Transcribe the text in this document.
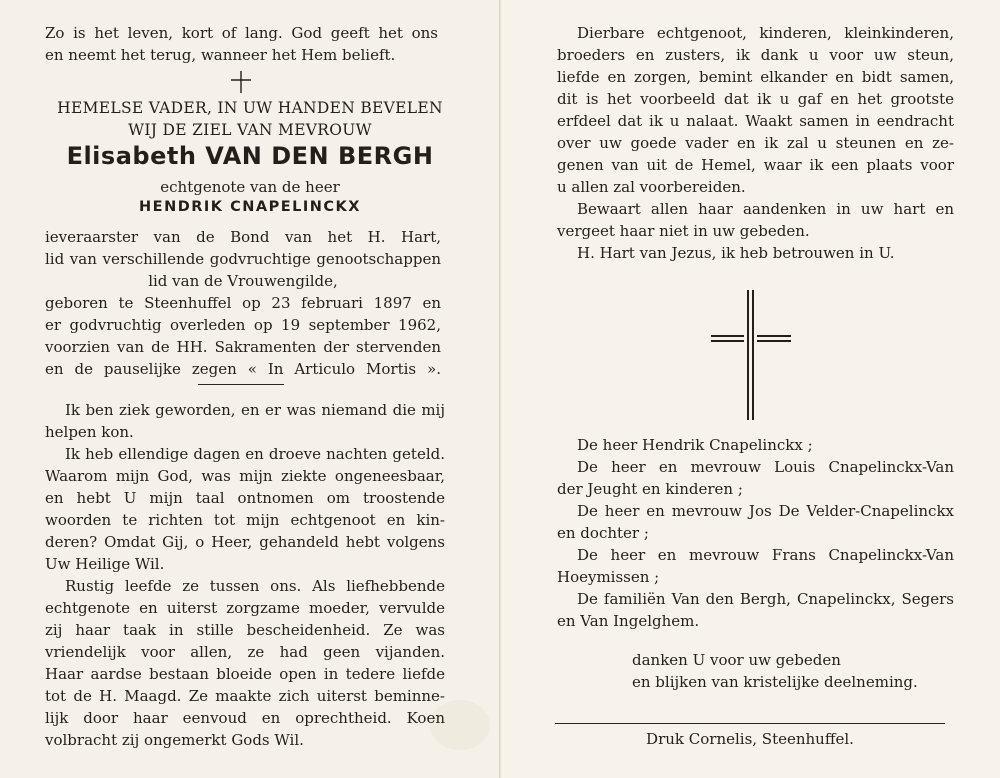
Zo is het leven, kort of lang. God geeft het ons

en neemt het terug, wanneer het Hem belieft.

HEMELSE VADER, IN UW HANDEN BEVELEN

WIJ DE ZIEL VAN MEVROUW

Elisabeth VAN DEN BERGH

echtgenote van de heer

HENDRIK CNAPELINCKX

ieveraarster van de Bond van het H. Hart,

lid van verschillende godvruchtige genootschappen

lid van de Vrouwengilde,

geboren te Steenhuffel op 23 februari 1897 en

er godvruchtig overleden op 19 september 1962,

voorzien van de HH. Sakramenten der stervenden

en de pauselijke zegen « In Articulo Mortis ».

Ik ben ziek geworden, en er was niemand die mij

helpen kon.

Ik heb ellendige dagen en droeve nachten geteld.

Waarom mijn God, was mijn ziekte ongeneesbaar,

en hebt U mijn taal ontnomen om troostende

woorden te richten tot mijn echtgenoot en kin-

deren? Omdat Gij, o Heer, gehandeld hebt volgens

Uw Heilige Wil.

Rustig leefde ze tussen ons. Als liefhebbende

echtgenote en uiterst zorgzame moeder, vervulde

zij haar taak in stille bescheidenheid. Ze was

vriendelijk voor allen, ze had geen vijanden.

Haar aardse bestaan bloeide open in tedere liefde

tot de H. Maagd. Ze maakte zich uiterst beminne-

lijk door haar eenvoud en oprechtheid. Koen

volbracht zij ongemerkt Gods Wil.

Dierbare echtgenoot, kinderen, kleinkinderen,

broeders en zusters, ik dank u voor uw steun,

liefde en zorgen, bemint elkander en bidt samen,

dit is het voorbeeld dat ik u gaf en het grootste

erfdeel dat ik u nalaat. Waakt samen in eendracht

over uw goede vader en ik zal u steunen en ze-

genen van uit de Hemel, waar ik een plaats voor

u allen zal voorbereiden.

Bewaart allen haar aandenken in uw hart en

vergeet haar niet in uw gebeden.

H. Hart van Jezus, ik heb betrouwen in U.

De heer Hendrik Cnapelinckx ;

De heer en mevrouw Louis Cnapelinckx-Van

der Jeught en kinderen ;

De heer en mevrouw Jos De Velder-Cnapelinckx

en dochter ;

De heer en mevrouw Frans Cnapelinckx-Van

Hoeymissen ;

De familiën Van den Bergh, Cnapelinckx, Segers

en Van Ingelghem.

danken U voor uw gebeden

en blijken van kristelijke deelneming.

Druk Cornelis, Steenhuffel.
